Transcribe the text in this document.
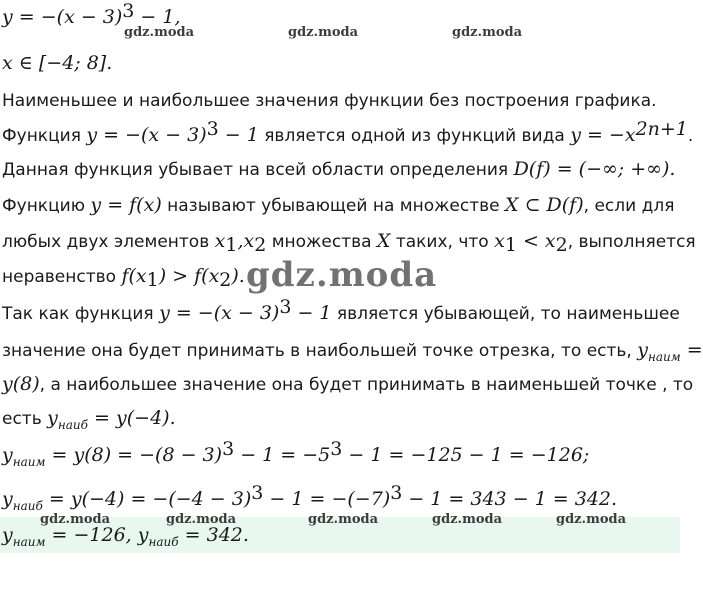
$y = -(x - 3)^3 - 1$,
x ∈ [−4; 8].
Наименьшее и наибольшее значения функции без построения графика.
Функция $y = -(x - 3)^3 - 1$ является одной из функций вида $y = -x^{2n+1}$.
Данная функция убывает на всей области определения D(f) = (−∞; +∞).
Функцию y = f(x) называют убывающей на множестве X ⊂ D(f), если для
любых двух элементов $x_1,x_2$ множества X таких, что $x_1 < x_2$, выполняется
неравенство $f(x_1) > f(x_2)$.
Так как функция $y = -(x - 3)^3 - 1$ является убывающей, то наименьшее
значение она будет принимать в наибольшей точке отрезка, то есть, $y_{наим}$ =
y(8), а наибольшее значение она будет принимать в наименьшей точке , то
есть $y_{наиб} = y(-4)$.
$y_{наим} = y(8) = -(8 - 3)^3 - 1 = -5^3 - 1 = -125 - 1 = -126$;
$y_{наиб} = y(-4) = -(-4 - 3)^3 - 1 = -(-7)^3 - 1 = 343 - 1 = 342$.
$y_{наим} = -126$, $y_{наиб} = 342$.
gdz.moda	gdz.moda	gdz.moda
gdz.moda
gdz.moda	gdz.moda	gdz.moda	gdz.moda	gdz.moda
